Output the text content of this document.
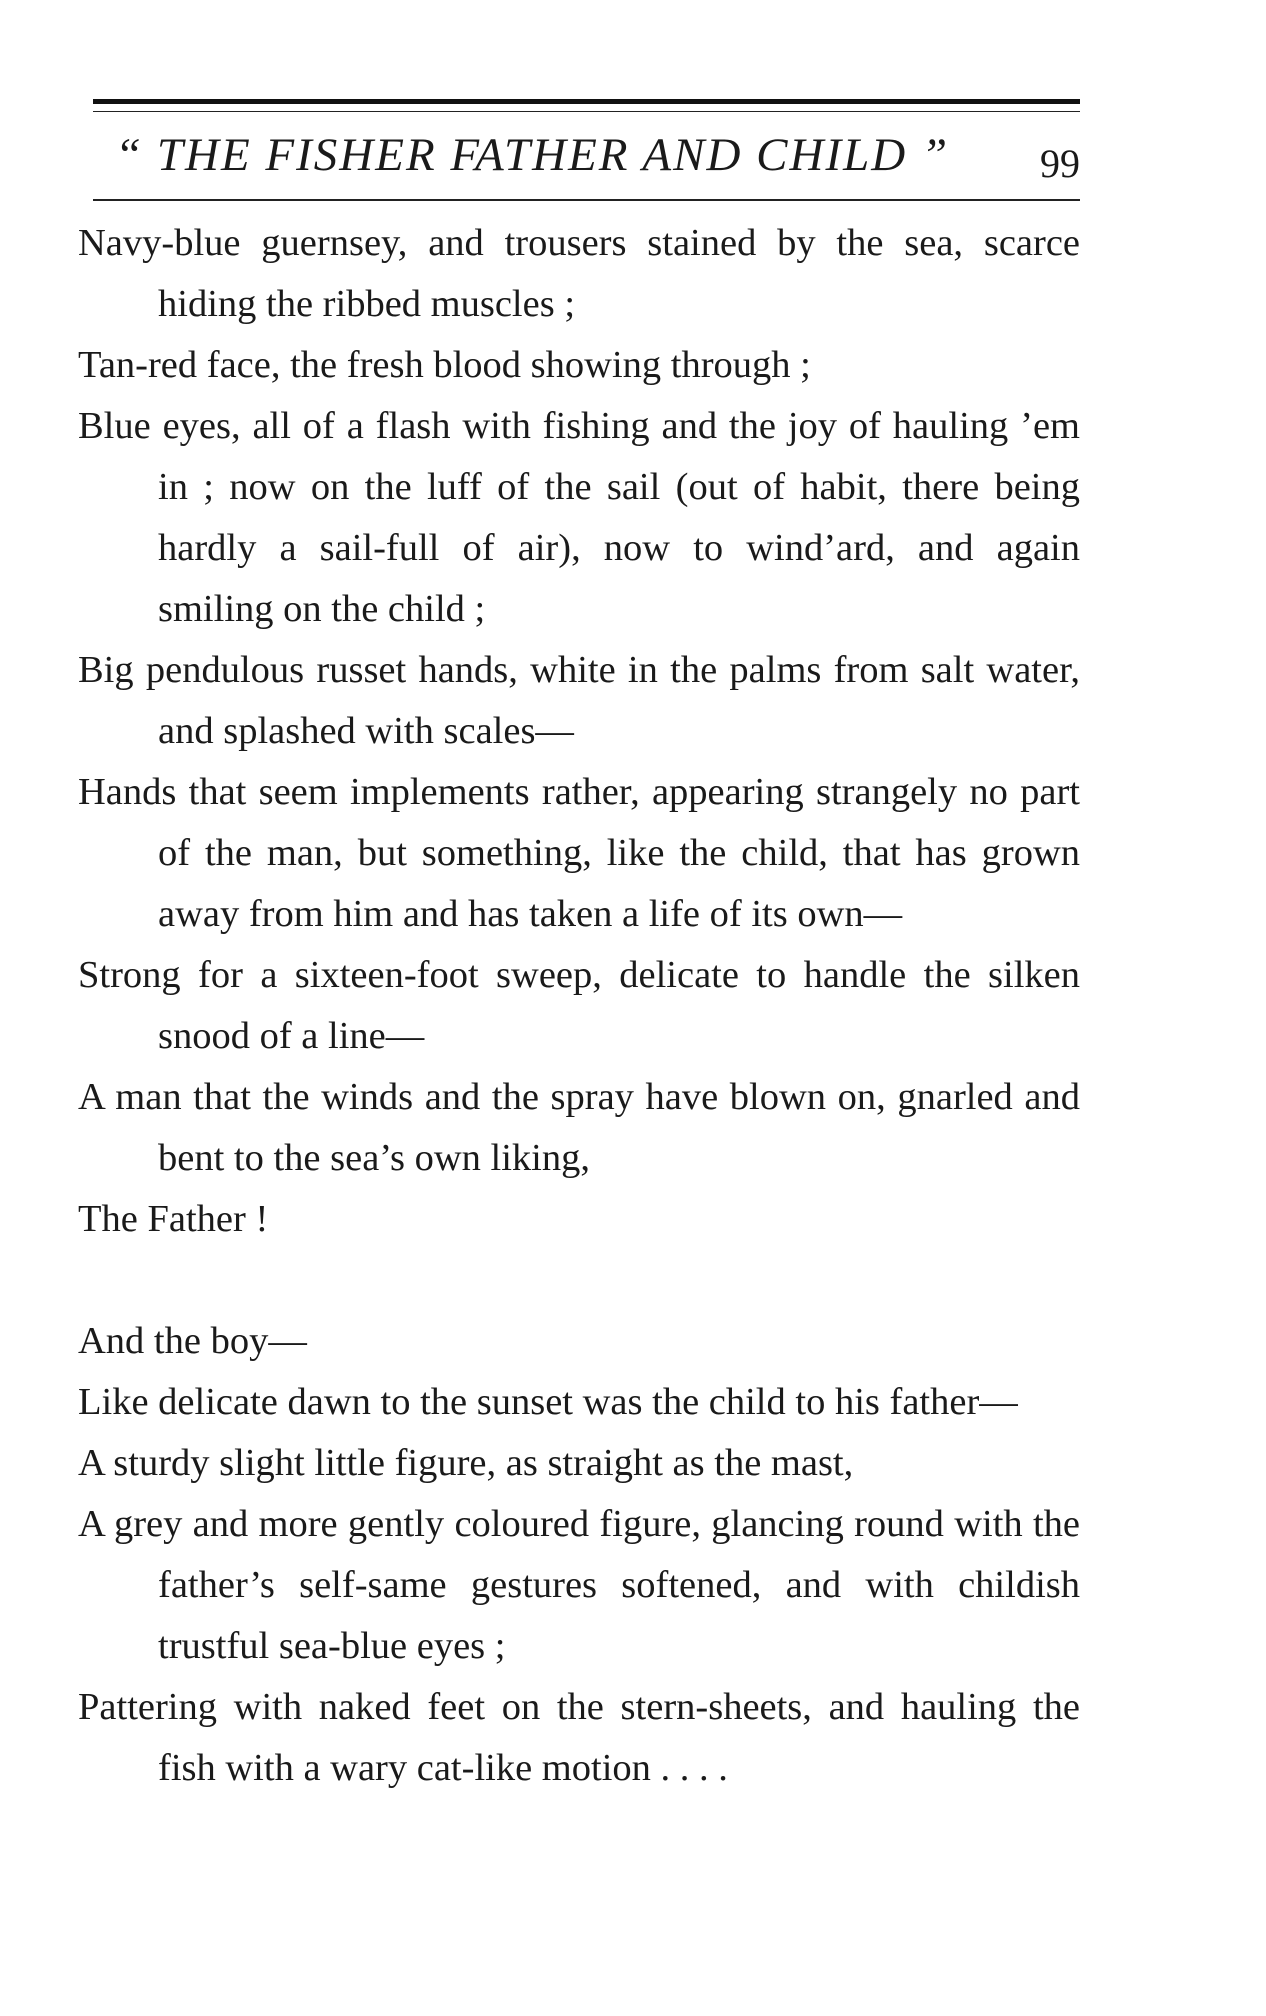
“ THE FISHER FATHER AND CHILD ” 99

Navy-blue guernsey, and trousers stained by the sea, scarce hiding the ribbed muscles ;

Tan-red face, the fresh blood showing through ;

Blue eyes, all of a flash with fishing and the joy of hauling ’em in ; now on the luff of the sail (out of habit, there being hardly a sail-full of air), now to wind’ard, and again smiling on the child ;

Big pendulous russet hands, white in the palms from salt water, and splashed with scales—

Hands that seem implements rather, appearing strangely no part of the man, but something, like the child, that has grown away from him and has taken a life of its own—

Strong for a sixteen-foot sweep, delicate to handle the silken snood of a line—

A man that the winds and the spray have blown on, gnarled and bent to the sea’s own liking,

The Father !

And the boy—

Like delicate dawn to the sunset was the child to his father—

A sturdy slight little figure, as straight as the mast,

A grey and more gently coloured figure, glancing round with the father’s self-same gestures softened, and with childish trustful sea-blue eyes ;

Pattering with naked feet on the stern-sheets, and hauling the fish with a wary cat-like motion . . . .
